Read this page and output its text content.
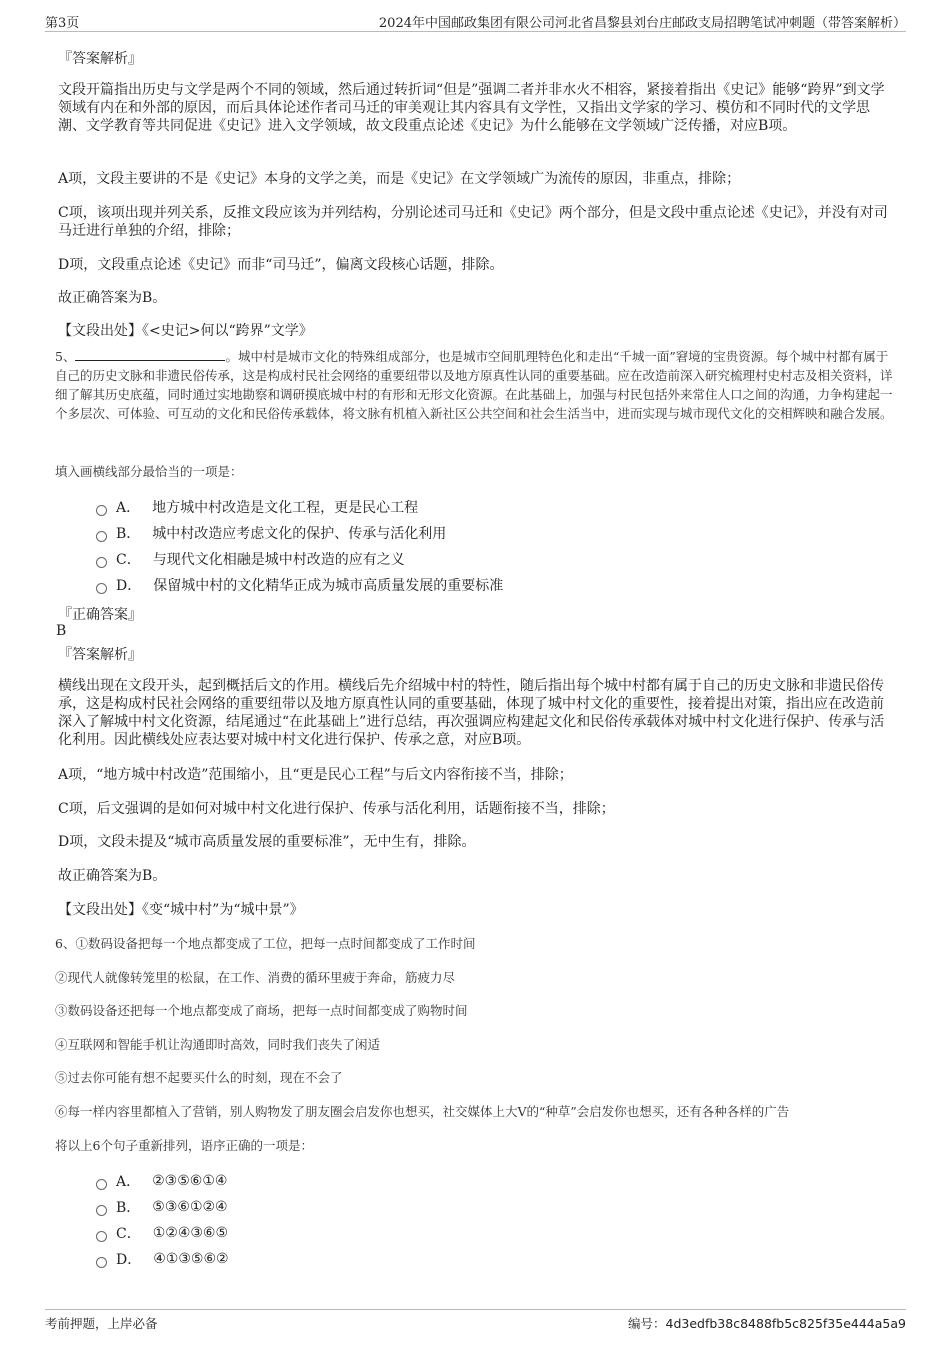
第3页	2024年中国邮政集团有限公司河北省昌黎县刘台庄邮政支局招聘笔试冲刺题（带答案解析）
『答案解析』
文段开篇指出历史与文学是两个不同的领域，然后通过转折词“但是”强调二者并非水火不相容，紧接着指出《史记》能够“跨界”到文学领域有内在和外部的原因，而后具体论述作者司马迁的审美观让其内容具有文学性，又指出文学家的学习、模仿和不同时代的文学思潮、文学教育等共同促进《史记》进入文学领域，故文段重点论述《史记》为什么能够在文学领域广泛传播，对应B项。
A项，文段主要讲的不是《史记》本身的文学之美，而是《史记》在文学领域广为流传的原因，非重点，排除；
C项，该项出现并列关系，反推文段应该为并列结构，分别论述司马迁和《史记》两个部分，但是文段中重点论述《史记》，并没有对司马迁进行单独的介绍，排除；
D项，文段重点论述《史记》而非“司马迁”，偏离文段核心话题，排除。
故正确答案为B。
【文段出处】《<史记>何以“跨界”文学》
5、	。城中村是城市文化的特殊组成部分，也是城市空间肌理特色化和走出“千城一面”窘境的宝贵资源。每个城中村都有属于自己的历史文脉和非遗民俗传承，这是构成村民社会网络的重要纽带以及地方原真性认同的重要基础。应在改造前深入研究梳理村史村志及相关资料，详细了解其历史底蕴，同时通过实地勘察和调研摸底城中村的有形和无形文化资源。在此基础上，加强与村民包括外来常住人口之间的沟通，力争构建起一个多层次、可体验、可互动的文化和民俗传承载体，将文脉有机植入新社区公共空间和社会生活当中，进而实现与城市现代文化的交相辉映和融合发展。
填入画横线部分最恰当的一项是：
A． 地方城中村改造是文化工程，更是民心工程
B． 城中村改造应考虑文化的保护、传承与活化利用
C． 与现代文化相融是城中村改造的应有之义
D． 保留城中村的文化精华正成为城市高质量发展的重要标准
『正确答案』
B
『答案解析』
横线出现在文段开头，起到概括后文的作用。横线后先介绍城中村的特性，随后指出每个城中村都有属于自己的历史文脉和非遗民俗传承，这是构成村民社会网络的重要纽带以及地方原真性认同的重要基础，体现了城中村文化的重要性，接着提出对策，指出应在改造前深入了解城中村文化资源，结尾通过“在此基础上”进行总结，再次强调应构建起文化和民俗传承载体对城中村文化进行保护、传承与活化利用。因此横线处应表达要对城中村文化进行保护、传承之意，对应B项。
A项，“地方城中村改造”范围缩小，且“更是民心工程”与后文内容衔接不当，排除；
C项，后文强调的是如何对城中村文化进行保护、传承与活化利用，话题衔接不当，排除；
D项，文段未提及“城市高质量发展的重要标准”，无中生有，排除。
故正确答案为B。
【文段出处】《变“城中村”为“城中景”》
6、①数码设备把每一个地点都变成了工位，把每一点时间都变成了工作时间
②现代人就像转笼里的松鼠，在工作、消费的循环里疲于奔命，筋疲力尽
③数码设备还把每一个地点都变成了商场，把每一点时间都变成了购物时间
④互联网和智能手机让沟通即时高效，同时我们丧失了闲适
⑤过去你可能有想不起要买什么的时刻，现在不会了
⑥每一样内容里都植入了营销，别人购物发了朋友圈会启发你也想买，社交媒体上大V的“种草”会启发你也想买，还有各种各样的广告
将以上6个句子重新排列，语序正确的一项是：
A． ②③⑤⑥①④
B． ⑤③⑥①②④
C． ①②④③⑥⑤
D． ④①③⑤⑥②
考前押题，上岸必备	编号：4d3edfb38c8488fb5c825f35e444a5a9
